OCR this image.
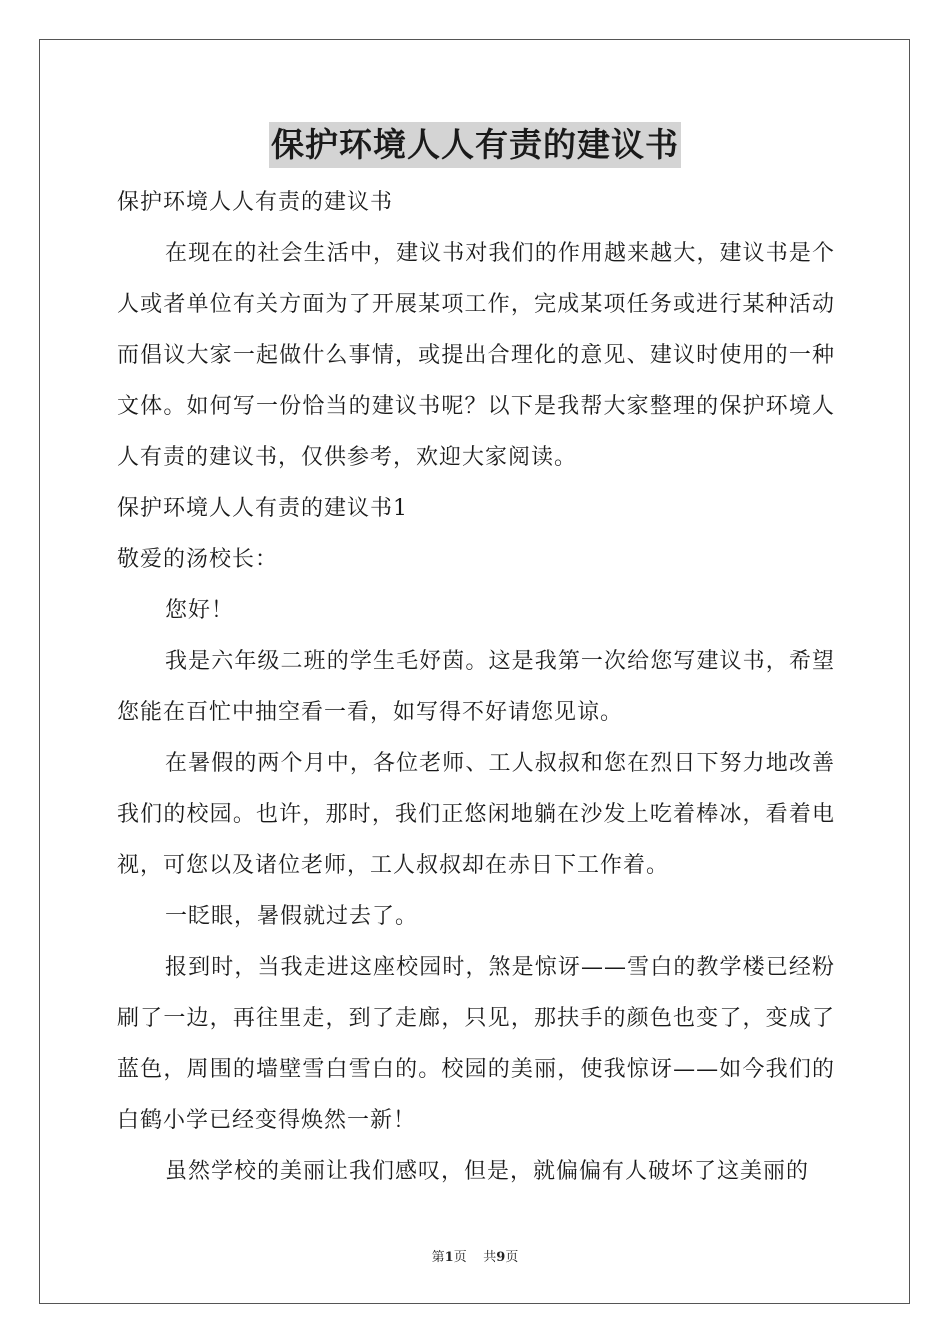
保护环境人人有责的建议书

保护环境人人有责的建议书

在现在的社会生活中，建议书对我们的作用越来越大，建议书是个人或者单位有关方面为了开展某项工作，完成某项任务或进行某种活动而倡议大家一起做什么事情，或提出合理化的意见、建议时使用的一种文体。如何写一份恰当的建议书呢？以下是我帮大家整理的保护环境人人有责的建议书，仅供参考，欢迎大家阅读。

保护环境人人有责的建议书1

敬爱的汤校长：

您好！

我是六年级二班的学生毛妤茵。这是我第一次给您写建议书，希望您能在百忙中抽空看一看，如写得不好请您见谅。

在暑假的两个月中，各位老师、工人叔叔和您在烈日下努力地改善我们的校园。也许，那时，我们正悠闲地躺在沙发上吃着棒冰，看着电视，可您以及诸位老师，工人叔叔却在赤日下工作着。

一眨眼，暑假就过去了。

报到时，当我走进这座校园时，煞是惊讶——雪白的教学楼已经粉刷了一边，再往里走，到了走廊，只见，那扶手的颜色也变了，变成了蓝色，周围的墙壁雪白雪白的。校园的美丽，使我惊讶——如今我们的白鹤小学已经变得焕然一新！

虽然学校的美丽让我们感叹，但是，就偏偏有人破坏了这美丽的

第1页 共9页
